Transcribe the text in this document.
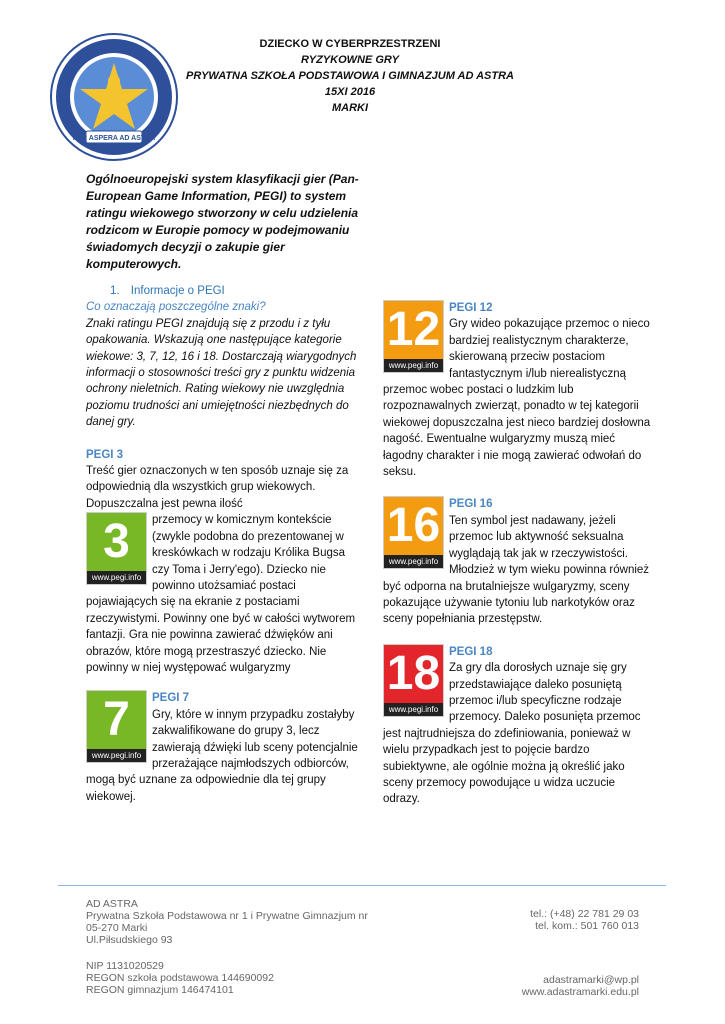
PER ASPERA AD ASTRA
DZIECKO W CYBERPRZESTRZENI
RYZYKOWNE GRY
PRYWATNA SZKOŁA PODSTAWOWA I GIMNAZJUM AD ASTRA
15XI 2016
MARKI
Ogólnoeuropejski system klasyfikacji gier (Pan-European Game Information, PEGI) to system ratingu wiekowego stworzony w celu udzielenia rodzicom w Europie pomocy w podejmowaniu świadomych decyzji o zakupie gier komputerowych.
1. Informacje o PEGI
Co oznaczają poszczególne znaki?
Znaki ratingu PEGI znajdują się z przodu i z tyłu opakowania. Wskazują one następujące kategorie wiekowe: 3, 7, 12, 16 i 18. Dostarczają wiarygodnych informacji o stosowności treści gry z punktu widzenia ochrony nieletnich. Rating wiekowy nie uwzględnia poziomu trudności ani umiejętności niezbędnych do danej gry.
PEGI 3
Treść gier oznaczonych w ten sposób uznaje się za odpowiednią dla wszystkich grup wiekowych. Dopuszczalna jest pewna ilość
3
www.pegi.info
przemocy w komicznym kontekście (zwykle podobna do prezentowanej w kreskówkach w rodzaju Królika Bugsa czy Toma i Jerry'ego). Dziecko nie powinno utożsamiać postaci pojawiających się na ekranie z postaciami rzeczywistymi. Powinny one być w całości wytworem fantazji. Gra nie powinna zawierać dźwięków ani obrazów, które mogą przestraszyć dziecko. Nie powinny w niej występować wulgaryzmy
7
www.pegi.info
PEGI 7
Gry, które w innym przypadku zostałyby zakwalifikowane do grupy 3, lecz zawierają dźwięki lub sceny potencjalnie przerażające najmłodszych odbiorców, mogą być uznane za odpowiednie dla tej grupy wiekowej.
12
www.pegi.info
PEGI 12
Gry wideo pokazujące przemoc o nieco bardziej realistycznym charakterze, skierowaną przeciw postaciom fantastycznym i/lub nierealistyczną przemoc wobec postaci o ludzkim lub rozpoznawalnych zwierząt, ponadto w tej kategorii wiekowej dopuszczalna jest nieco bardziej dosłowna nagość. Ewentualne wulgaryzmy muszą mieć łagodny charakter i nie mogą zawierać odwołań do seksu.
16
www.pegi.info
PEGI 16
Ten symbol jest nadawany, jeżeli przemoc lub aktywność seksualna wyglądają tak jak w rzeczywistości. Młodzież w tym wieku powinna również być odporna na brutalniejsze wulgaryzmy, sceny pokazujące używanie tytoniu lub narkotyków oraz sceny popełniania przestępstw.
18
www.pegi.info
PEGI 18
Za gry dla dorosłych uznaje się gry przedstawiające daleko posuniętą przemoc i/lub specyficzne rodzaje przemocy. Daleko posunięta przemoc jest najtrudniejsza do zdefiniowania, ponieważ w wielu przypadkach jest to pojęcie bardzo subiektywne, ale ogólnie można ją określić jako sceny przemocy powodujące u widza uczucie odrazy.
AD ASTRA
Prywatna Szkoła Podstawowa nr 1 i Prywatne Gimnazjum nr
05-270 Marki
Ul.Piłsudskiego 93
tel.: (+48) 22 781 29 03
tel. kom.: 501 760 013
NIP 1131020529
REGON szkoła podstawowa 144690092
REGON gimnazjum 146474101
adastramarki@wp.pl
www.adastramarki.edu.pl
